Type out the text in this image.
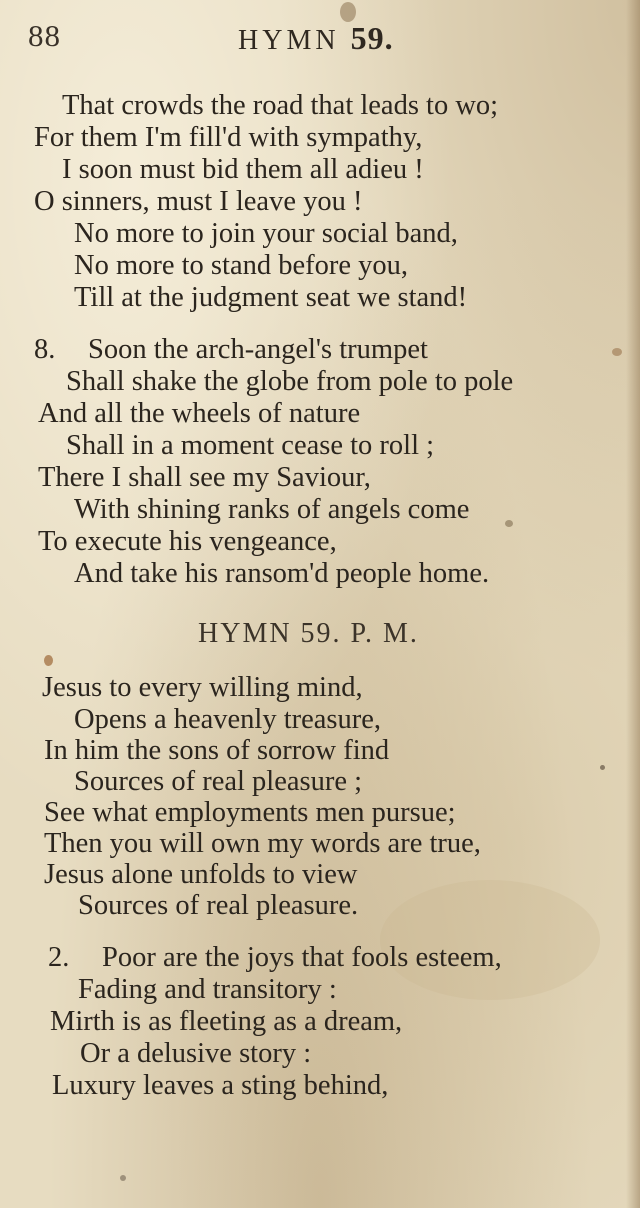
88	HYMN 59.
That crowds the road that leads to wo;
For them I'm fill'd with sympathy,
I soon must bid them all adieu !
O sinners, must I leave you !
No more to join your social band,
No more to stand before you,
Till at the judgment seat we stand!
8. Soon the arch-angel's trumpet
Shall shake the globe from pole to pole
And all the wheels of nature
Shall in a moment cease to roll ;
There I shall see my Saviour,
With shining ranks of angels come
To execute his vengeance,
And take his ransom'd people home.
HYMN 59. P. M.
Jesus to every willing mind,
Opens a heavenly treasure,
In him the sons of sorrow find
Sources of real pleasure ;
See what employments men pursue;
Then you will own my words are true,
Jesus alone unfolds to view
Sources of real pleasure.
2. Poor are the joys that fools esteem,
Fading and transitory :
Mirth is as fleeting as a dream,
Or a delusive story :
Luxury leaves a sting behind,
